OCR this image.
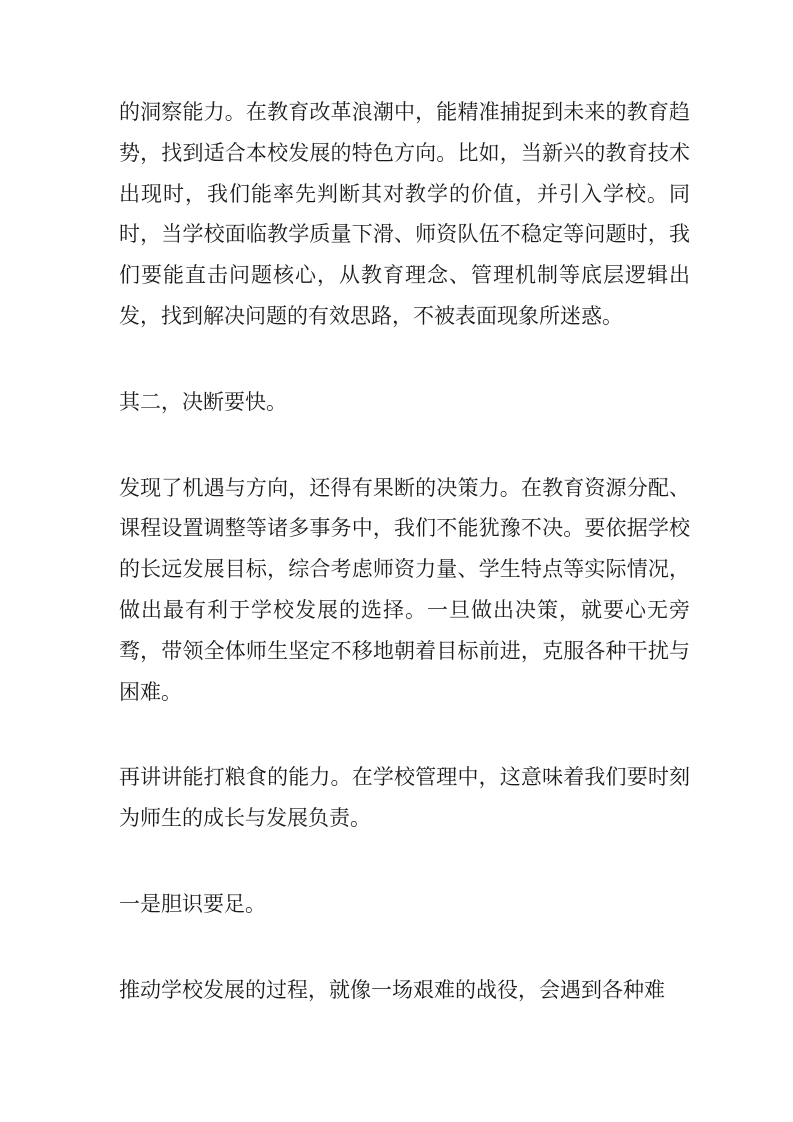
的洞察能力。在教育改革浪潮中，能精准捕捉到未来的教育趋势，找到适合本校发展的特色方向。比如，当新兴的教育技术出现时，我们能率先判断其对教学的价值，并引入学校。同时，当学校面临教学质量下滑、师资队伍不稳定等问题时，我们要能直击问题核心，从教育理念、管理机制等底层逻辑出发，找到解决问题的有效思路，不被表面现象所迷惑。

其二，决断要快。

发现了机遇与方向，还得有果断的决策力。在教育资源分配、课程设置调整等诸多事务中，我们不能犹豫不决。要依据学校的长远发展目标，综合考虑师资力量、学生特点等实际情况，做出最有利于学校发展的选择。一旦做出决策，就要心无旁骛，带领全体师生坚定不移地朝着目标前进，克服各种干扰与困难。

再讲讲能打粮食的能力。在学校管理中，这意味着我们要时刻为师生的成长与发展负责。

一是胆识要足。

推动学校发展的过程，就像一场艰难的战役，会遇到各种难
